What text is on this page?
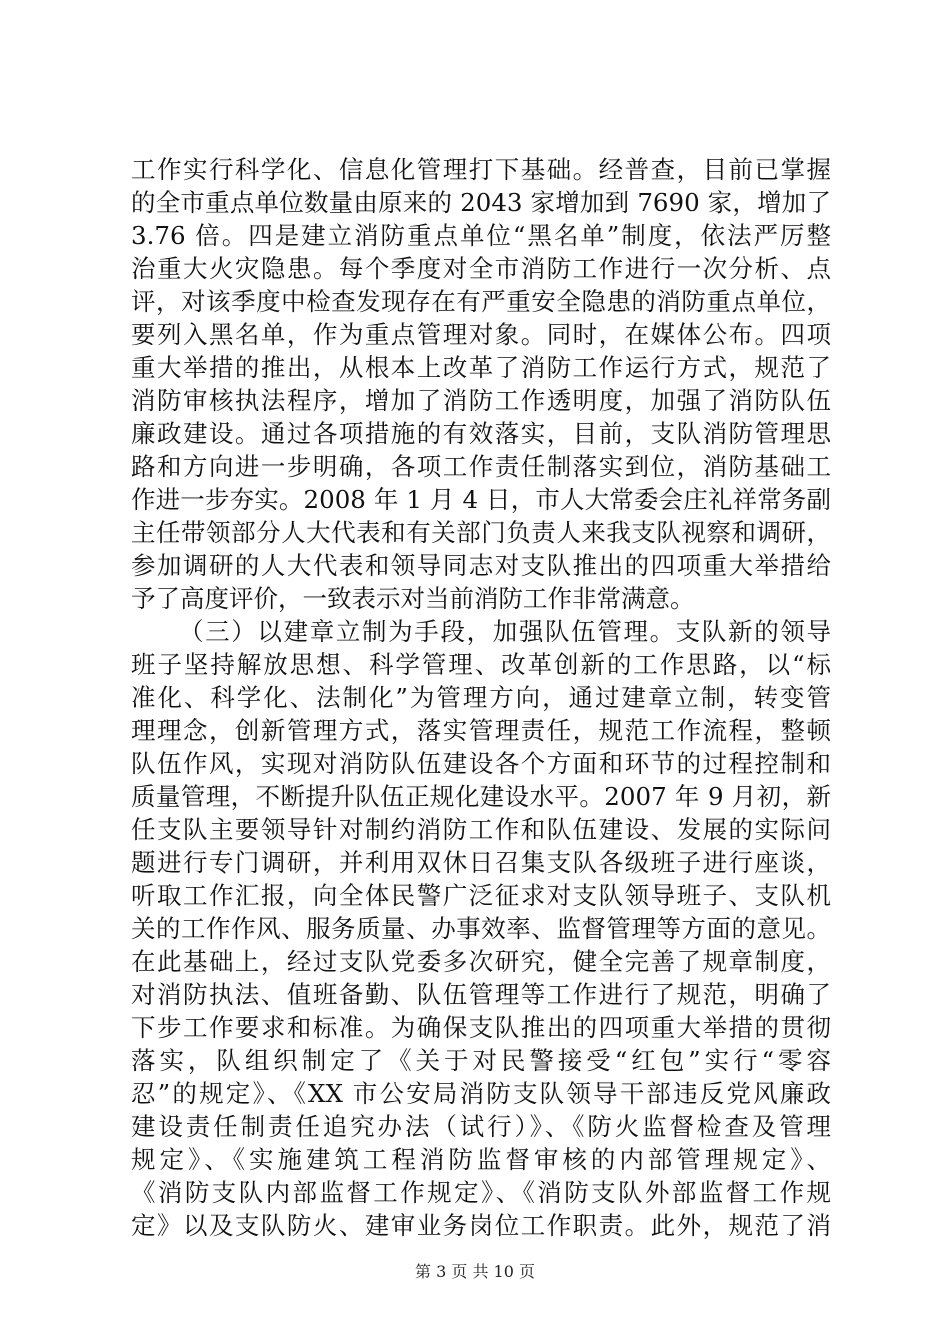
工作实行科学化、信息化管理打下基础。经普查，目前已掌握
的全市重点单位数量由原来的 2043 家增加到 7690 家，增加了
3.76 倍。四是建立消防重点单位“黑名单”制度，依法严厉整
治重大火灾隐患。每个季度对全市消防工作进行一次分析、点
评，对该季度中检查发现存在有严重安全隐患的消防重点单位，
要列入黑名单，作为重点管理对象。同时，在媒体公布。四项
重大举措的推出，从根本上改革了消防工作运行方式，规范了
消防审核执法程序，增加了消防工作透明度，加强了消防队伍
廉政建设。通过各项措施的有效落实，目前，支队消防管理思
路和方向进一步明确，各项工作责任制落实到位，消防基础工
作进一步夯实。2008 年 1 月 4 日，市人大常委会庄礼祥常务副
主任带领部分人大代表和有关部门负责人来我支队视察和调研，
参加调研的人大代表和领导同志对支队推出的四项重大举措给
予了高度评价，一致表示对当前消防工作非常满意。
（三）以建章立制为手段，加强队伍管理。支队新的领导
班子坚持解放思想、科学管理、改革创新的工作思路，以“标
准化、科学化、法制化”为管理方向，通过建章立制，转变管
理理念，创新管理方式，落实管理责任，规范工作流程，整顿
队伍作风，实现对消防队伍建设各个方面和环节的过程控制和
质量管理，不断提升队伍正规化建设水平。2007 年 9 月初，新
任支队主要领导针对制约消防工作和队伍建设、发展的实际问
题进行专门调研，并利用双休日召集支队各级班子进行座谈，
听取工作汇报，向全体民警广泛征求对支队领导班子、支队机
关的工作作风、服务质量、办事效率、监督管理等方面的意见。
在此基础上，经过支队党委多次研究，健全完善了规章制度，
对消防执法、值班备勤、队伍管理等工作进行了规范，明确了
下步工作要求和标准。为确保支队推出的四项重大举措的贯彻
落实，队组织制定了《关于对民警接受“红包”实行“零容
忍”的规定》、《XX 市公安局消防支队领导干部违反党风廉政
建设责任制责任追究办法（试行）》、《防火监督检查及管理
规定》、《实施建筑工程消防监督审核的内部管理规定》、
《消防支队内部监督工作规定》、《消防支队外部监督工作规
定》以及支队防火、建审业务岗位工作职责。此外，规范了消
第 3 页 共 10 页
